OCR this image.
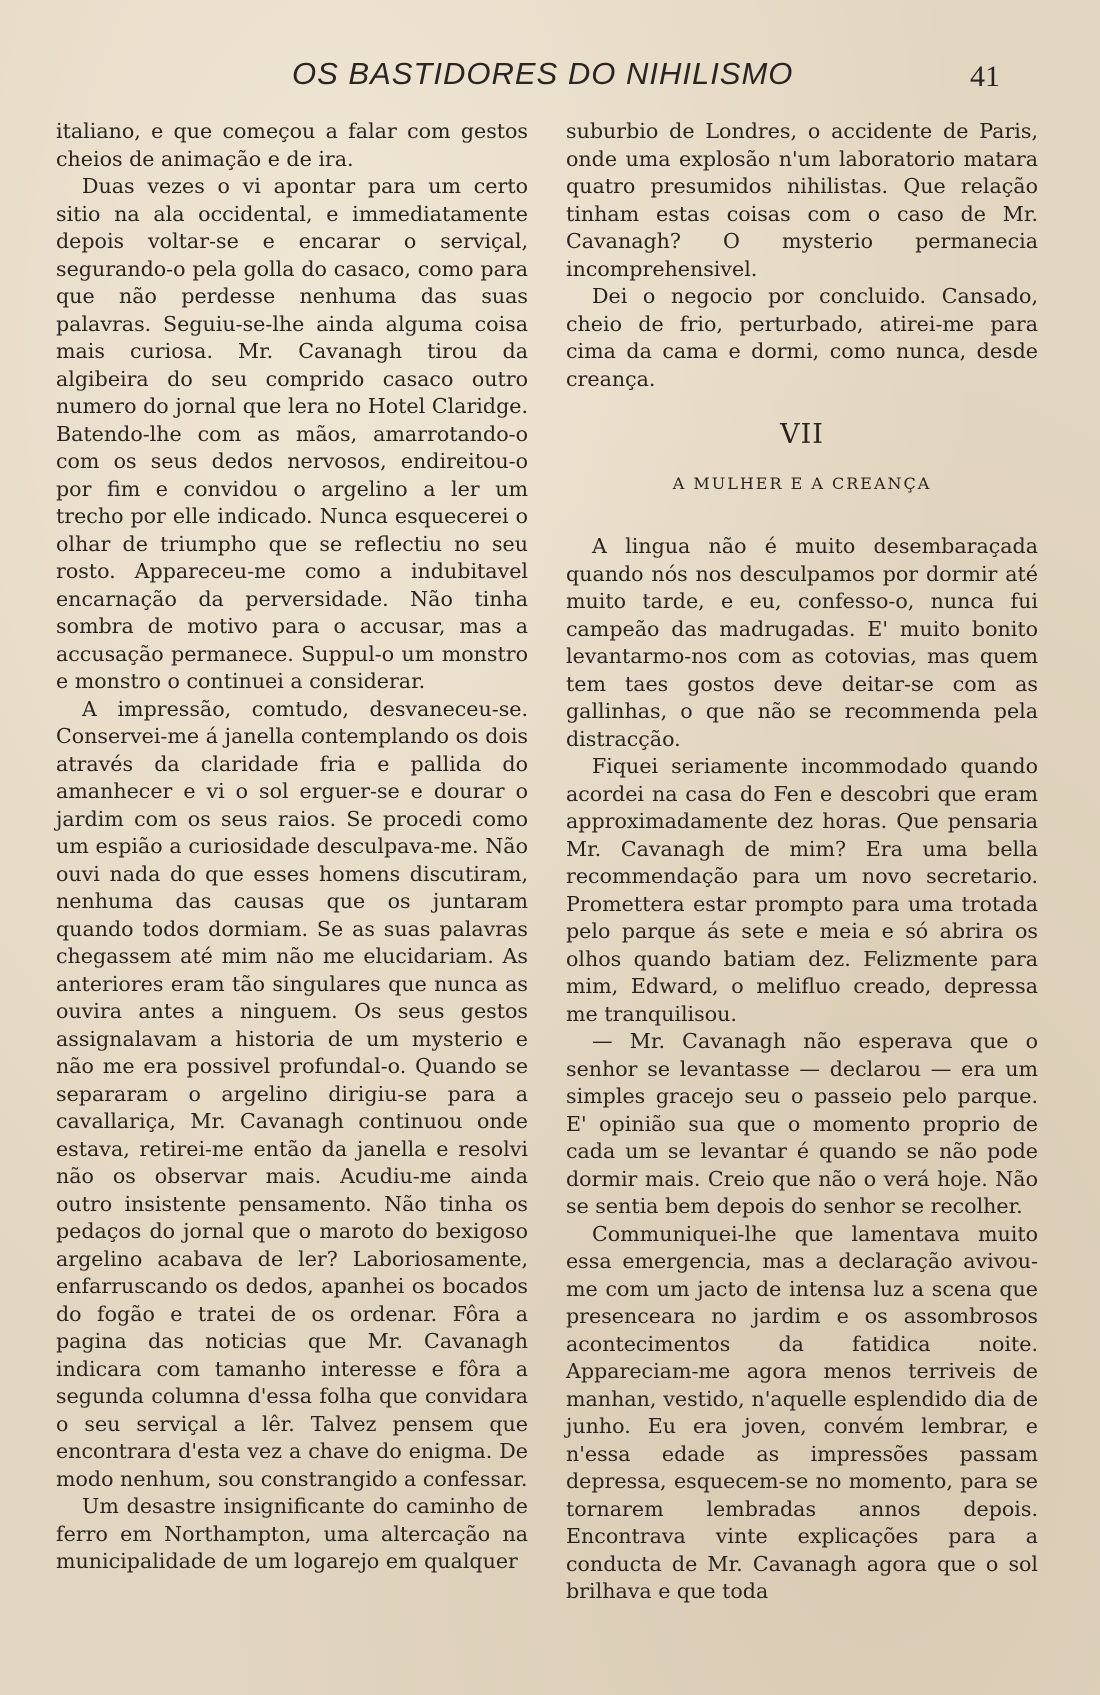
OS BASTIDORES DO NIHILISMO	41

italiano, e que começou a falar com gestos cheios de animação e de ira.

Duas vezes o vi apontar para um certo sitio na ala occidental, e immediatamente depois voltar-se e encarar o serviçal, segurando-o pela golla do casaco, como para que não perdesse nenhuma das suas palavras. Seguiu-se-lhe ainda alguma coisa mais curiosa. Mr. Cavanagh tirou da algibeira do seu comprido casaco outro numero do jornal que lera no Hotel Claridge. Batendo-lhe com as mãos, amarrotando-o com os seus dedos nervosos, endireitou-o por fim e convidou o argelino a ler um trecho por elle indicado. Nunca esquecerei o olhar de triumpho que se reflectiu no seu rosto. Appareceu-me como a indubitavel encarnação da perversidade. Não tinha sombra de motivo para o accusar, mas a accusação permanece. Suppul-o um monstro e monstro o continuei a considerar.

A impressão, comtudo, desvaneceu-se. Conservei-me á janella contemplando os dois através da claridade fria e pallida do amanhecer e vi o sol erguer-se e dourar o jardim com os seus raios. Se procedi como um espião a curiosidade desculpava-me. Não ouvi nada do que esses homens discutiram, nenhuma das causas que os juntaram quando todos dormiam. Se as suas palavras chegassem até mim não me elucidariam. As anteriores eram tão singulares que nunca as ouvira antes a ninguem. Os seus gestos assignalavam a historia de um mysterio e não me era possivel profundal-o. Quando se separaram o argelino dirigiu-se para a cavallariça, Mr. Cavanagh continuou onde estava, retirei-me então da janella e resolvi não os observar mais. Acudiu-me ainda outro insistente pensamento. Não tinha os pedaços do jornal que o maroto do bexigoso argelino acabava de ler? Laboriosamente, enfarruscando os dedos, apanhei os bocados do fogão e tratei de os ordenar. Fôra a pagina das noticias que Mr. Cavanagh indicara com tamanho interesse e fôra a segunda columna d'essa folha que convidara o seu serviçal a lêr. Talvez pensem que encontrara d'esta vez a chave do enigma. De modo nenhum, sou constrangido a confessar.

Um desastre insignificante do caminho de ferro em Northampton, uma altercação na municipalidade de um logarejo em qualquer

suburbio de Londres, o accidente de Paris, onde uma explosão n'um laboratorio matara quatro presumidos nihilistas. Que relação tinham estas coisas com o caso de Mr. Cavanagh? O mysterio permanecia incomprehensivel.

Dei o negocio por concluido. Cansado, cheio de frio, perturbado, atirei-me para cima da cama e dormi, como nunca, desde creança.

VII
A MULHER E A CREANÇA

A lingua não é muito desembaraçada quando nós nos desculpamos por dormir até muito tarde, e eu, confesso-o, nunca fui campeão das madrugadas. E' muito bonito levantarmo-nos com as cotovias, mas quem tem taes gostos deve deitar-se com as gallinhas, o que não se recommenda pela distracção.

Fiquei seriamente incommodado quando acordei na casa do Fen e descobri que eram approximadamente dez horas. Que pensaria Mr. Cavanagh de mim? Era uma bella recommendação para um novo secretario. Promettera estar prompto para uma trotada pelo parque ás sete e meia e só abrira os olhos quando batiam dez. Felizmente para mim, Edward, o melifluo creado, depressa me tranquilisou.

— Mr. Cavanagh não esperava que o senhor se levantasse — declarou — era um simples gracejo seu o passeio pelo parque. E' opinião sua que o momento proprio de cada um se levantar é quando se não pode dormir mais. Creio que não o verá hoje. Não se sentia bem depois do senhor se recolher.

Communiquei-lhe que lamentava muito essa emergencia, mas a declaração avivou-me com um jacto de intensa luz a scena que presenceara no jardim e os assombrosos acontecimentos da fatidica noite. Appareciam-me agora menos terriveis de manhan, vestido, n'aquelle esplendido dia de junho. Eu era joven, convém lembrar, e n'essa edade as impressões passam depressa, esquecem-se no momento, para se tornarem lembradas annos depois. Encontrava vinte explicações para a conducta de Mr. Cavanagh agora que o sol brilhava e que toda
